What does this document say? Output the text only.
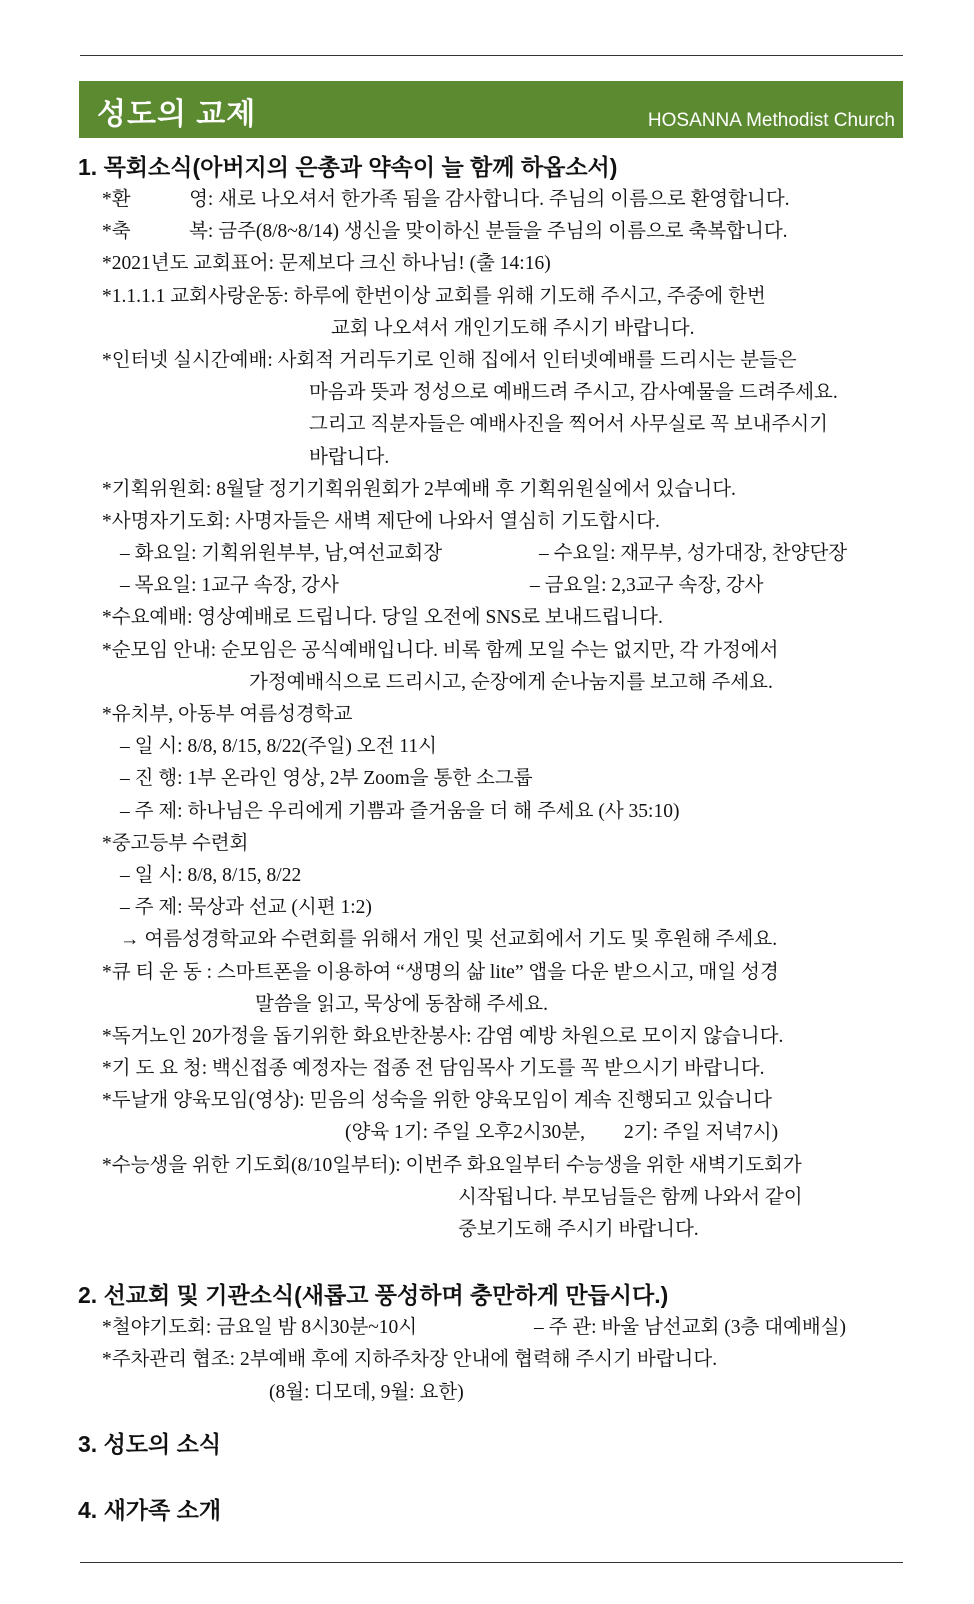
성도의 교제	HOSANNA Methodist Church
1. 목회소식(아버지의 은총과 약속이 늘 함께 하옵소서)
*환　　　영: 새로 나오셔서 한가족 됨을 감사합니다. 주님의 이름으로 환영합니다.
*축　　　복: 금주(8/8~8/14) 생신을 맞이하신 분들을 주님의 이름으로 축복합니다.
*2021년도 교회표어: 문제보다 크신 하나님! (출 14:16)
*1.1.1.1 교회사랑운동: 하루에 한번이상 교회를 위해 기도해 주시고, 주중에 한번
교회 나오셔서 개인기도해 주시기 바랍니다.
*인터넷 실시간예배: 사회적 거리두기로 인해 집에서 인터넷예배를 드리시는 분들은
마음과 뜻과 정성으로 예배드려 주시고, 감사예물을 드려주세요.
그리고 직분자들은 예배사진을 찍어서 사무실로 꼭 보내주시기
바랍니다.
*기획위원회: 8월달 정기기획위원회가 2부예배 후 기획위원실에서 있습니다.
*사명자기도회: 사명자들은 새벽 제단에 나와서 열심히 기도합시다.
– 화요일: 기획위원부부, 남,여선교회장	– 수요일: 재무부, 성가대장, 찬양단장
– 목요일: 1교구 속장, 강사	– 금요일: 2,3교구 속장, 강사
*수요예배: 영상예배로 드립니다. 당일 오전에 SNS로 보내드립니다.
*순모임 안내: 순모임은 공식예배입니다. 비록 함께 모일 수는 없지만, 각 가정에서
가정예배식으로 드리시고, 순장에게 순나눔지를 보고해 주세요.
*유치부, 아동부 여름성경학교
– 일 시: 8/8, 8/15, 8/22(주일) 오전 11시
– 진 행: 1부 온라인 영상, 2부 Zoom을 통한 소그룹
– 주 제: 하나님은 우리에게 기쁨과 즐거움을 더 해 주세요 (사 35:10)
*중고등부 수련회
– 일 시: 8/8, 8/15, 8/22
– 주 제: 묵상과 선교 (시편 1:2)
→ 여름성경학교와 수련회를 위해서 개인 및 선교회에서 기도 및 후원해 주세요.
*큐 티 운 동 : 스마트폰을 이용하여 “생명의 삶 lite” 앱을 다운 받으시고, 매일 성경
말씀을 읽고, 묵상에 동참해 주세요.
*독거노인 20가정을 돕기위한 화요반찬봉사: 감염 예방 차원으로 모이지 않습니다.
*기 도 요 청: 백신접종 예정자는 접종 전 담임목사 기도를 꼭 받으시기 바랍니다.
*두날개 양육모임(영상): 믿음의 성숙을 위한 양육모임이 계속 진행되고 있습니다
(양육 1기: 주일 오후2시30분,　　2기: 주일 저녁7시)
*수능생을 위한 기도회(8/10일부터): 이번주 화요일부터 수능생을 위한 새벽기도회가
시작됩니다. 부모님들은 함께 나와서 같이
중보기도해 주시기 바랍니다.
2. 선교회 및 기관소식(새롭고 풍성하며 충만하게 만듭시다.)
*철야기도회: 금요일 밤 8시30분~10시	– 주 관: 바울 남선교회 (3층 대예배실)
*주차관리 협조: 2부예배 후에 지하주차장 안내에 협력해 주시기 바랍니다.
(8월: 디모데, 9월: 요한)
3. 성도의 소식
4. 새가족 소개
